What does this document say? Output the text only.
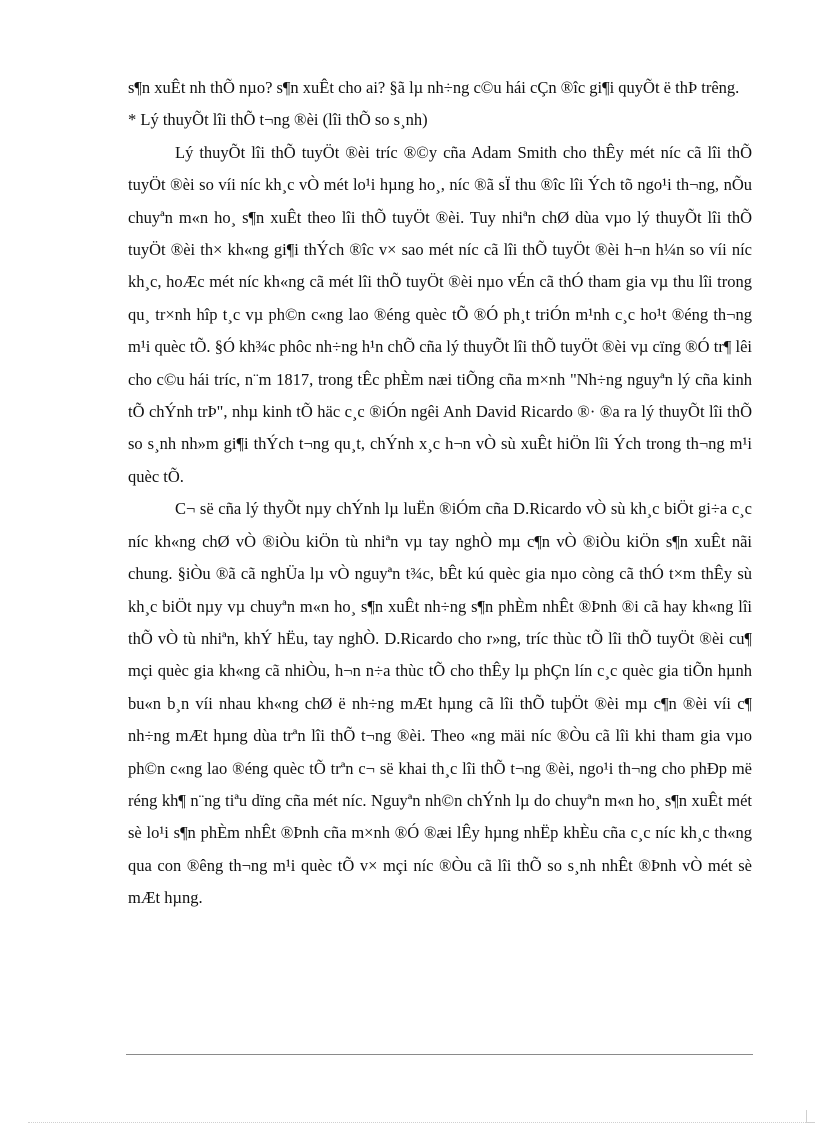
s¶n xuÊt nh thÕ nµo? s¶n xuÊt cho ai? §ã lµ nh÷ng c©u hái cÇn ®îc gi¶i quyÕt ë thÞ trêng.

* Lý thuyÕt lîi thÕ t¬ng ®èi (lîi thÕ so s¸nh)

Lý thuyÕt lîi thÕ tuyÖt ®èi tríc ®©y cña Adam Smith cho thÊy mét níc cã lîi thÕ tuyÖt ®èi so víi níc kh¸c vÒ mét lo¹i hµng ho¸, níc ®ã sÏ thu ®îc lîi Ých tõ ngo¹i th¬ng, nÕu chuyªn m«n ho¸ s¶n xuÊt theo lîi thÕ tuyÖt ®èi. Tuy nhiªn chØ dùa vµo lý thuyÕt lîi thÕ tuyÖt ®èi th× kh«ng gi¶i thÝch ®îc v× sao mét níc cã lîi thÕ tuyÖt ®èi h¬n h¼n so víi níc kh¸c, hoÆc mét níc kh«ng cã mét lîi thÕ tuyÖt ®èi nµo vÉn cã thÓ tham gia vµ thu lîi trong qu¸ tr×nh hîp t¸c vµ ph©n c«ng lao ®éng quèc tÕ ®Ó ph¸t triÓn m¹nh c¸c ho¹t ®éng th¬ng m¹i quèc tÕ. §Ó kh¾c phôc nh÷ng h¹n chÕ cña lý thuyÕt lîi thÕ tuyÖt ®èi vµ cïng ®Ó tr¶ lêi cho c©u hái tríc, n¨m 1817, trong tÊc phÈm næi tiÕng cña m×nh "Nh÷ng nguyªn lý cña kinh tÕ chÝnh trÞ", nhµ kinh tÕ häc c¸c ®iÓn ngêi Anh David Ricardo ®· ®a ra lý thuyÕt lîi thÕ so s¸nh nh»m gi¶i thÝch t¬ng qu¸t, chÝnh x¸c h¬n vÒ sù xuÊt hiÖn lîi Ých trong th¬ng m¹i quèc tÕ.

C¬ së cña lý thyÕt nµy chÝnh lµ luËn ®iÓm cña D.Ricardo vÒ sù kh¸c biÖt gi÷a c¸c níc kh«ng chØ vÒ ®iÒu kiÖn tù nhiªn vµ tay nghÒ mµ c¶n vÒ ®iÒu kiÖn s¶n xuÊt nãi chung. §iÒu ®ã cã nghÜa lµ vÒ nguyªn t¾c, bÊt kú quèc gia nµo còng cã thÓ t×m thÊy sù kh¸c biÖt nµy vµ chuyªn m«n ho¸ s¶n xuÊt nh÷ng s¶n phÈm nhÊt ®Þnh ®i cã hay kh«ng lîi thÕ vÒ tù nhiªn, khÝ hËu, tay nghÒ. D.Ricardo cho r»ng, tríc thùc tÕ lîi thÕ tuyÖt ®èi cu¶ mçi quèc gia kh«ng cã nhiÒu, h¬n n÷a thùc tÕ cho thÊy lµ phÇn lín c¸c quèc gia tiÕn hµnh bu«n b¸n víi nhau kh«ng chØ ë nh÷ng mÆt hµng cã lîi thÕ tuþÖt ®èi mµ c¶n ®èi víi c¶ nh÷ng mÆt hµng dùa trªn lîi thÕ t¬ng ®èi. Theo «ng mäi níc ®Òu cã lîi khi tham gia vµo ph©n c«ng lao ®éng quèc tÕ trªn c¬ së khai th¸c lîi thÕ t¬ng ®èi, ngo¹i th¬ng cho phÐp më réng kh¶ n¨ng tiªu dïng cña mét níc. Nguyªn nh©n chÝnh lµ do chuyªn m«n ho¸ s¶n xuÊt mét sè lo¹i s¶n phÈm nhÊt ®Þnh cña m×nh ®Ó ®æi lÊy hµng nhËp khÈu cña c¸c níc kh¸c th«ng qua con ®êng th¬ng m¹i quèc tÕ v× mçi níc ®Òu cã lîi thÕ so s¸nh nhÊt ®Þnh vÒ mét sè mÆt hµng.
